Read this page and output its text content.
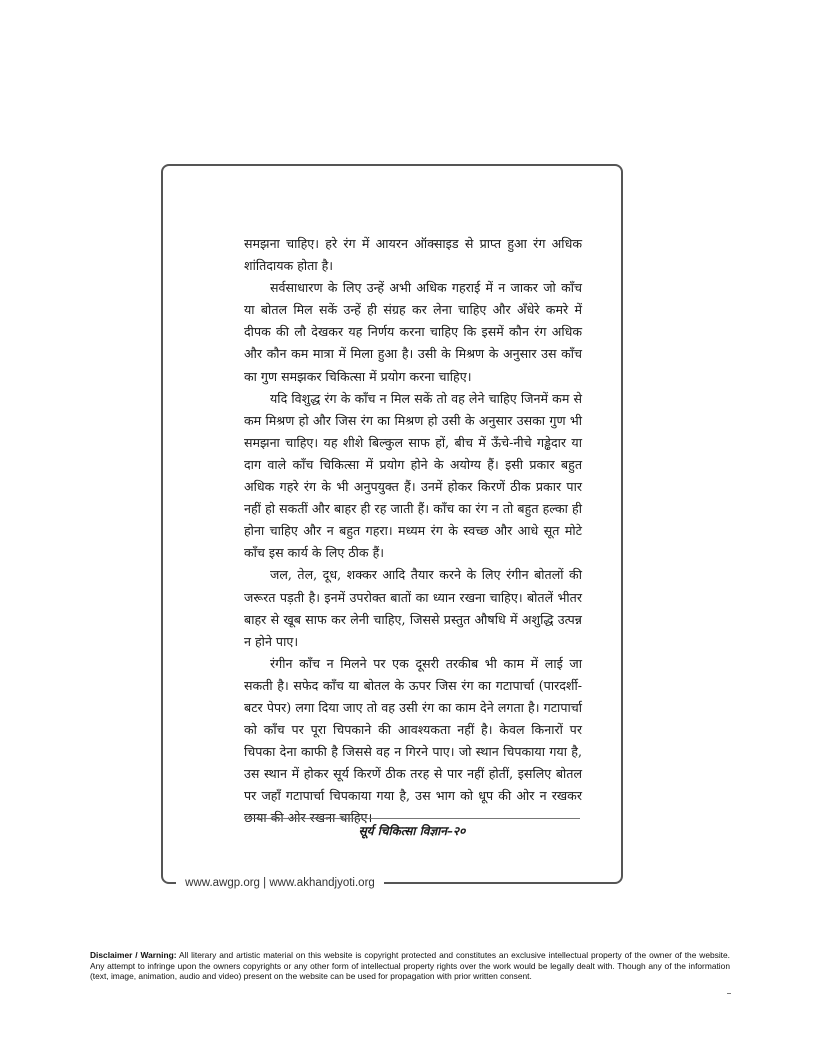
www.awgp.org | www.akhandjyoti.org

समझना चाहिए। हरे रंग में आयरन ऑक्साइड से प्राप्त हुआ रंग अधिक शांतिदायक होता है।

सर्वसाधारण के लिए उन्हें अभी अधिक गहराई में न जाकर जो काँच या बोतल मिल सकें उन्हें ही संग्रह कर लेना चाहिए और अँधेरे कमरे में दीपक की लौ देखकर यह निर्णय करना चाहिए कि इसमें कौन रंग अधिक और कौन कम मात्रा में मिला हुआ है। उसी के मिश्रण के अनुसार उस काँच का गुण समझकर चिकित्सा में प्रयोग करना चाहिए।

यदि विशुद्ध रंग के काँच न मिल सकें तो वह लेने चाहिए जिनमें कम से कम मिश्रण हो और जिस रंग का मिश्रण हो उसी के अनुसार उसका गुण भी समझना चाहिए। यह शीशे बिल्कुल साफ हों, बीच में ऊँचे-नीचे गड्ढेदार या दाग वाले काँच चिकित्सा में प्रयोग होने के अयोग्य हैं। इसी प्रकार बहुत अधिक गहरे रंग के भी अनुपयुक्त हैं। उनमें होकर किरणें ठीक प्रकार पार नहीं हो सकतीं और बाहर ही रह जाती हैं। काँच का रंग न तो बहुत हल्का ही होना चाहिए और न बहुत गहरा। मध्यम रंग के स्वच्छ और आधे सूत मोटे काँच इस कार्य के लिए ठीक हैं।

जल, तेल, दूध, शक्कर आदि तैयार करने के लिए रंगीन बोतलों की जरूरत पड़ती है। इनमें उपरोक्त बातों का ध्यान रखना चाहिए। बोतलें भीतर बाहर से खूब साफ कर लेनी चाहिए, जिससे प्रस्तुत औषधि में अशुद्धि उत्पन्न न होने पाए।

रंगीन काँच न मिलने पर एक दूसरी तरकीब भी काम में लाई जा सकती है। सफेद काँच या बोतल के ऊपर जिस रंग का गटापार्चा (पारदर्शी-बटर पेपर) लगा दिया जाए तो वह उसी रंग का काम देने लगता है। गटापार्चा को काँच पर पूरा चिपकाने की आवश्यकता नहीं है। केवल किनारों पर चिपका देना काफी है जिससे वह न गिरने पाए। जो स्थान चिपकाया गया है, उस स्थान में होकर सूर्य किरणें ठीक तरह से पार नहीं होतीं, इसलिए बोतल पर जहाँ गटापार्चा चिपकाया गया है, उस भाग को धूप की ओर न रखकर छाया की ओर रखना चाहिए।

सूर्य चिकित्सा विज्ञान–२०
Disclaimer / Warning: All literary and artistic material on this website is copyright protected and constitutes an exclusive intellectual property of the owner of the website. Any attempt to infringe upon the owners copyrights or any other form of intellectual property rights over the work would be legally dealt with. Though any of the information (text, image, animation, audio and video) present on the website can be used for propagation with prior written consent.
